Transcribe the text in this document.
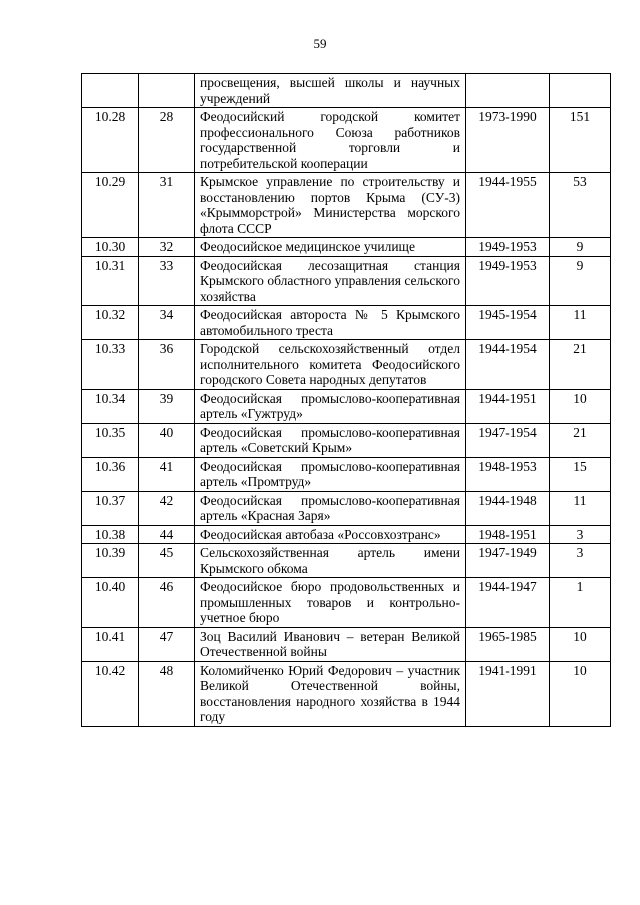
59
		просвещения, высшей школы и научных учреждений		
10.28	28	Феодосийский городской комитет профессионального Союза работников государственной торговли и потребительской кооперации	1973-1990	151
10.29	31	Крымское управление по строительству и восстановлению портов Крыма (СУ-3) «Крымморстрой» Министерства морского флота СССР	1944-1955	53
10.30	32	Феодосийское медицинское училище	1949-1953	9
10.31	33	Феодосийская лесозащитная станция Крымского областного управления сельского хозяйства	1949-1953	9
10.32	34	Феодосийская автороста № 5 Крымского автомобильного треста	1945-1954	11
10.33	36	Городской сельскохозяйственный отдел исполнительного комитета Феодосийского городского Совета народных депутатов	1944-1954	21
10.34	39	Феодосийская промыслово-кооперативная артель «Гужтруд»	1944-1951	10
10.35	40	Феодосийская промыслово-кооперативная артель «Советский Крым»	1947-1954	21
10.36	41	Феодосийская промыслово-кооперативная артель «Промтруд»	1948-1953	15
10.37	42	Феодосийская промыслово-кооперативная артель «Красная Заря»	1944-1948	11
10.38	44	Феодосийская автобаза «Россовхозтранс»	1948-1951	3
10.39	45	Сельскохозяйственная артель имени Крымского обкома	1947-1949	3
10.40	46	Феодосийское бюро продовольственных и промышленных товаров и контрольно-учетное бюро	1944-1947	1
10.41	47	Зоц Василий Иванович – ветеран Великой Отечественной войны	1965-1985	10
10.42	48	Коломийченко Юрий Федорович – участник Великой Отечественной войны, восстановления народного хозяйства в 1944 году	1941-1991	10
